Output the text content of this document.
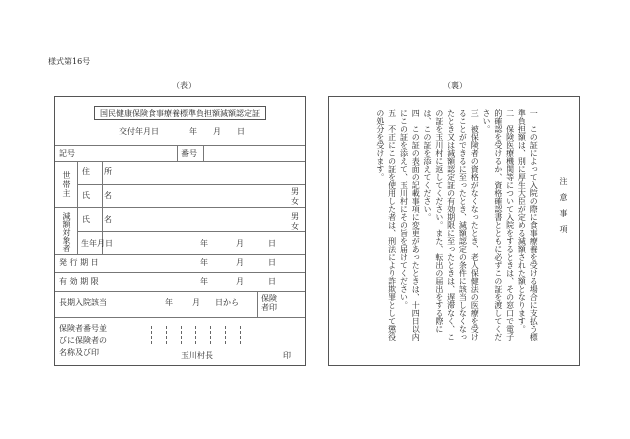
様式第16号
（表）
国民健康保険食事療養標準負担額減額認定証
交付年月日	年 月 日
記号	番号
世帯主 住　所
氏　名	男
女
減額対象者 氏　名	男
女
生年月日	年	月	日
発 行 期 日	年	月	日
有 効 期 限	年	月	日
長期入院該当	年 月 日から	保険者印
保険者番号並びに保険者の名称及び印	玉川村長	印
（裏）

注意事項

一　この証によって入院の際に食事療養を受ける場合に支払う標準負担額は、別に厚生大臣が定める減額された額となります。

二　保険医療機関等について入院をするときは、その窓口で電子的確認を受けるか、資格確認書とともに必ずこの証を渡してください。

三　被保険者の資格がなくなったとき、老人保健法の医療を受けることができるに至ったとき、減額認定の条件に該当しなくなったとき又は減額認定証の有効期限に至ったときは、遅滞なく、この証を玉川村に返してください。また、転出の届出をする際には、この証を添えてください。

四　この証の表面の記載事項に変更があったときは、十四日以内にこの証を添えて、玉川村にその旨を届けてください。

五　不正にこの証を使用した者は、刑法により詐欺罪として懲役の処分を受けます。
